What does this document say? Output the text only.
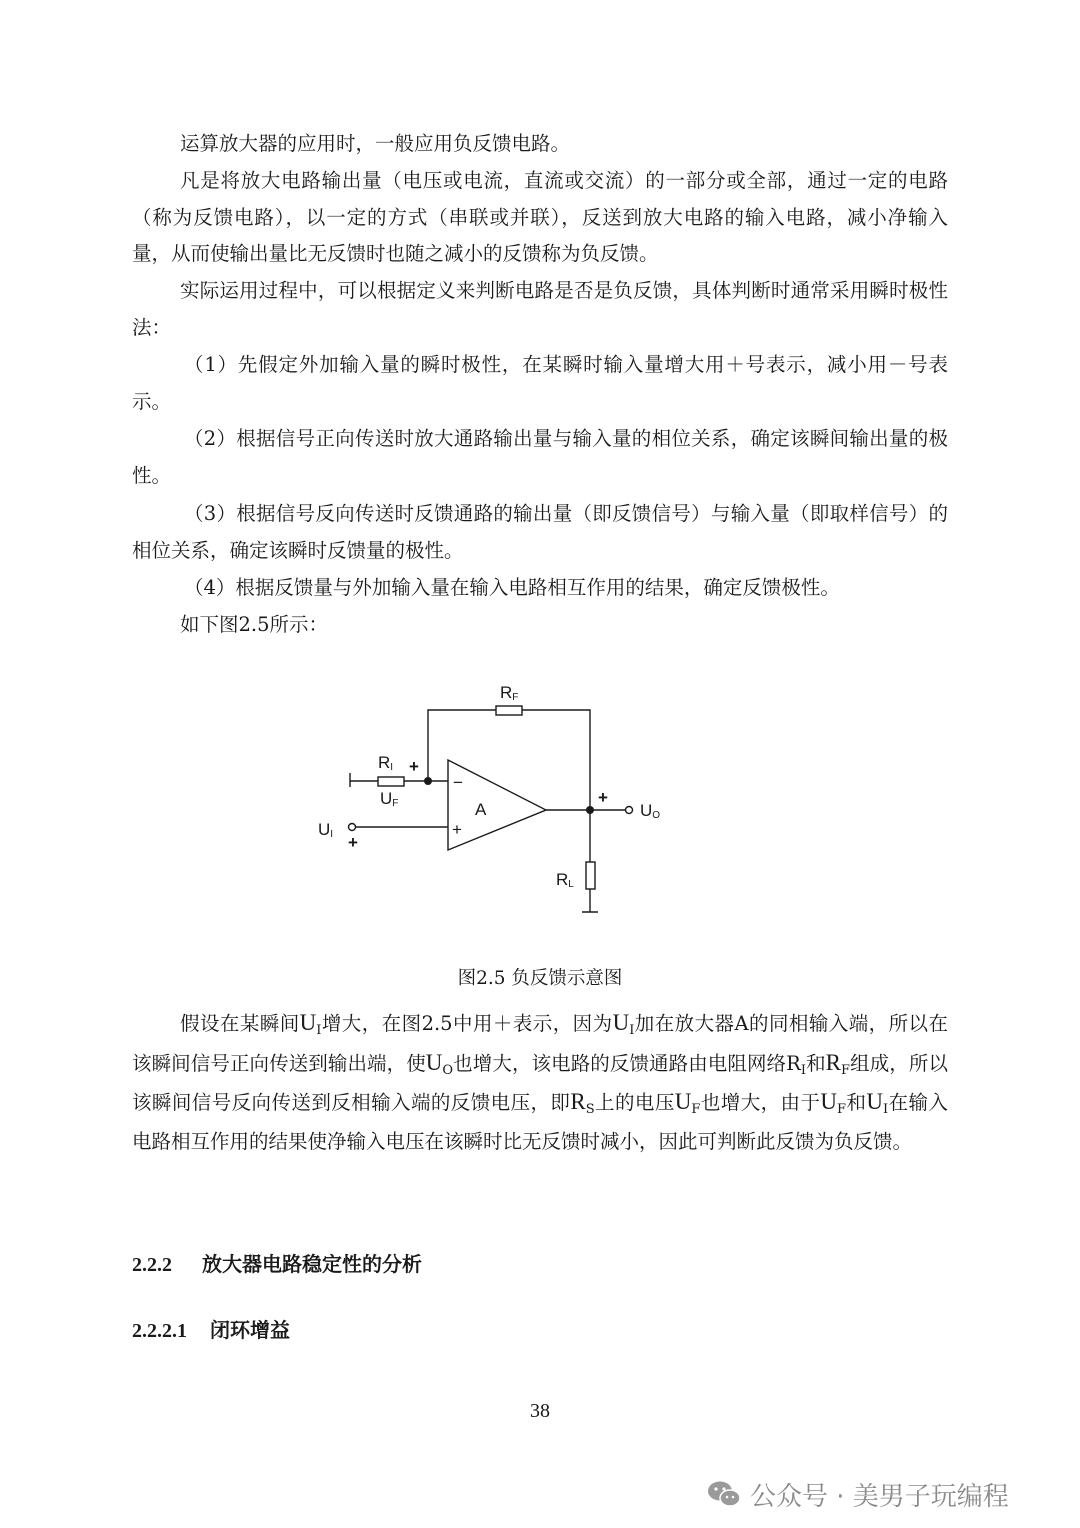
运算放大器的应用时，一般应用负反馈电路。

凡是将放大电路输出量（电压或电流，直流或交流）的一部分或全部，通过一定的电路（称为反馈电路），以一定的方式（串联或并联），反送到放大电路的输入电路，减小净输入量，从而使输出量比无反馈时也随之减小的反馈称为负反馈。

实际运用过程中，可以根据定义来判断电路是否是负反馈，具体判断时通常采用瞬时极性法：

（1）先假定外加输入量的瞬时极性，在某瞬时输入量增大用＋号表示，减小用－号表示。

（2）根据信号正向传送时放大通路输出量与输入量的相位关系，确定该瞬间输出量的极性。

（3）根据信号反向传送时反馈通路的输出量（即反馈信号）与输入量（即取样信号）的相位关系，确定该瞬时反馈量的极性。

（4）根据反馈量与外加输入量在输入电路相互作用的结果，确定反馈极性。

如下图2.5所示：

−
+
A
RF
RI
UF
UI
UO
RL
+
+
+
图2.5 负反馈示意图

假设在某瞬间$U_I$增大，在图2.5中用＋表示，因为$U_I$加在放大器A的同相输入端，所以在该瞬间信号正向传送到输出端，使$U_O$也增大，该电路的反馈通路由电阻网络$R_I$和$R_F$组成，所以该瞬间信号反向传送到反相输入端的反馈电压，即$R_S$上的电压$U_F$也增大，由于$U_F$和$U_I$在输入电路相互作用的结果使净输入电压在该瞬时比无反馈时减小，因此可判断此反馈为负反馈。

2.2.2 放大器电路稳定性的分析
2.2.2.1 闭环增益
38
公众号 · 美男子玩编程
